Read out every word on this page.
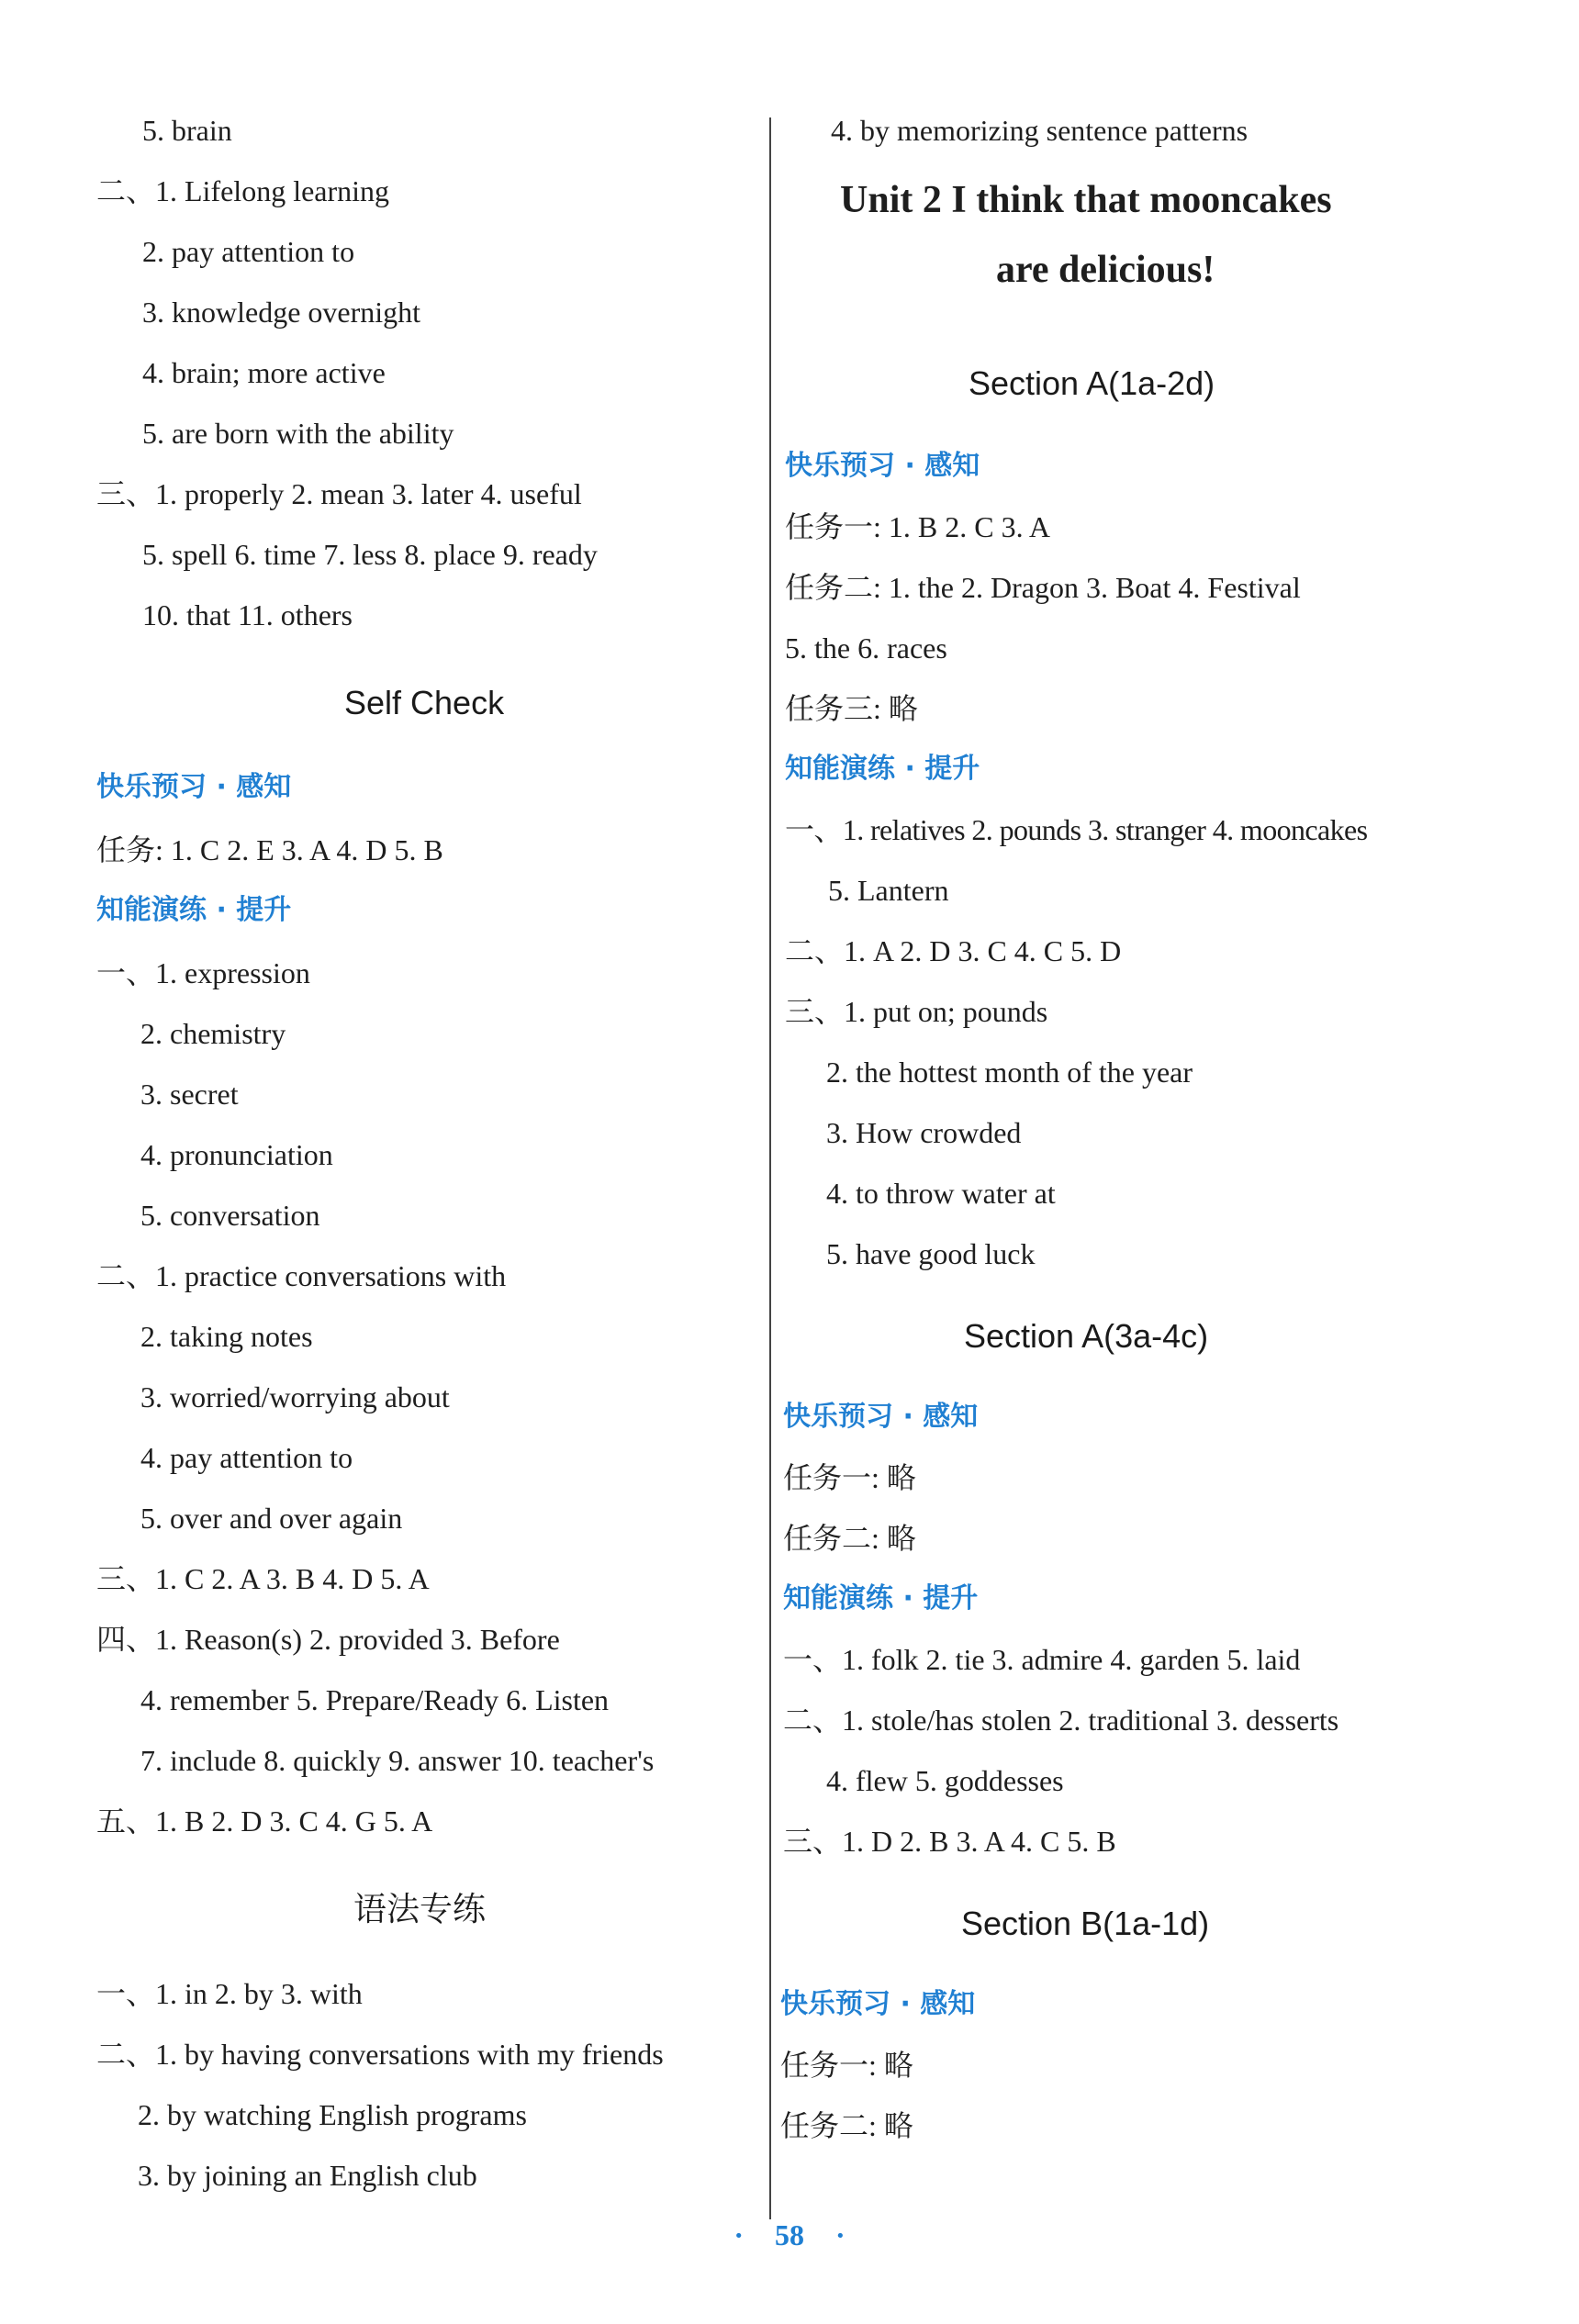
5. brain
二、1. Lifelong learning
2. pay attention to
3. knowledge overnight
4. brain; more active
5. are born with the ability
三、1. properly 2. mean 3. later 4. useful
5. spell 6. time 7. less 8. place 9. ready
10. that 11. others
Self Check
快乐预习 · 感知
任务: 1. C 2. E 3. A 4. D 5. B
知能演练 · 提升
一、1. expression
2. chemistry
3. secret
4. pronunciation
5. conversation
二、1. practice conversations with
2. taking notes
3. worried/worrying about
4. pay attention to
5. over and over again
三、1. C 2. A 3. B 4. D 5. A
四、1. Reason(s) 2. provided 3. Before
4. remember 5. Prepare/Ready 6. Listen
7. include 8. quickly 9. answer 10. teacher's
五、1. B 2. D 3. C 4. G 5. A
语法专练
一、1. in 2. by 3. with
二、1. by having conversations with my friends
2. by watching English programs
3. by joining an English club
4. by memorizing sentence patterns
Unit 2 I think that mooncakes
are delicious!
Section A(1a-2d)
快乐预习 · 感知
任务一: 1. B 2. C 3. A
任务二: 1. the 2. Dragon 3. Boat 4. Festival
5. the 6. races
任务三: 略
知能演练 · 提升
一、1. relatives 2. pounds 3. stranger 4. mooncakes
5. Lantern
二、1. A 2. D 3. C 4. C 5. D
三、1. put on; pounds
2. the hottest month of the year
3. How crowded
4. to throw water at
5. have good luck
Section A(3a-4c)
快乐预习 · 感知
任务一: 略
任务二: 略
知能演练 · 提升
一、1. folk 2. tie 3. admire 4. garden 5. laid
二、1. stole/has stolen 2. traditional 3. desserts
4. flew 5. goddesses
三、1. D 2. B 3. A 4. C 5. B
Section B(1a-1d)
快乐预习 · 感知
任务一: 略
任务二: 略
· 58 ·
